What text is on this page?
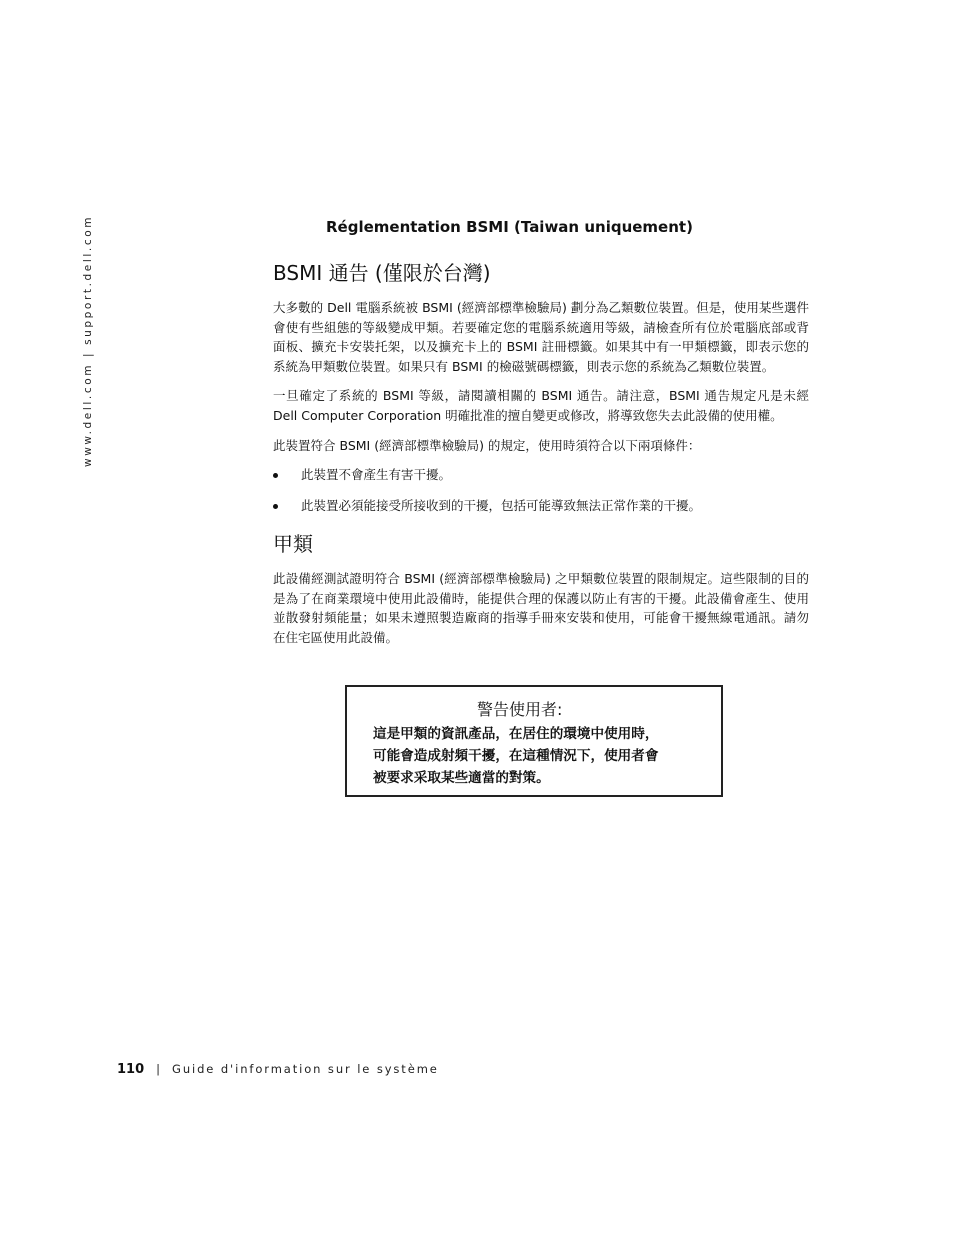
www.dell.com | support.dell.com	Réglementation BSMI (Taiwan uniquement)
BSMI 通告 (僅限於台灣)

大多數的 Dell 電腦系統被 BSMI (經濟部標準檢驗局) 劃分為乙類數位裝置。但是，使用某些選件會使有些組態的等級變成甲類。若要確定您的電腦系統適用等級，請檢查所有位於電腦底部或背面板、擴充卡安裝托架，以及擴充卡上的 BSMI 註冊標籤。如果其中有一甲類標籤，即表示您的系統為甲類數位裝置。如果只有 BSMI 的檢磁號碼標籤，則表示您的系統為乙類數位裝置。

一旦確定了系統的 BSMI 等級，請閱讀相關的 BSMI 通告。請注意，BSMI 通告規定凡是未經 Dell Computer Corporation 明確批准的擅自變更或修改，將導致您失去此設備的使用權。

此裝置符合 BSMI (經濟部標準檢驗局) 的規定，使用時須符合以下兩項條件：

此裝置不會產生有害干擾。
此裝置必須能接受所接收到的干擾，包括可能導致無法正常作業的干擾。
甲類

此設備經測試證明符合 BSMI (經濟部標準檢驗局) 之甲類數位裝置的限制規定。這些限制的目的是為了在商業環境中使用此設備時，能提供合理的保護以防止有害的干擾。此設備會產生、使用並散發射頻能量；如果未遵照製造廠商的指導手冊來安裝和使用，可能會干擾無線電通訊。請勿在住宅區使用此設備。

警告使用者:
這是甲類的資訊產品，在居住的環境中使用時，
可能會造成射頻干擾，在這種情況下，使用者會
被要求采取某些適當的對策。
110 | Guide d'information sur le système
